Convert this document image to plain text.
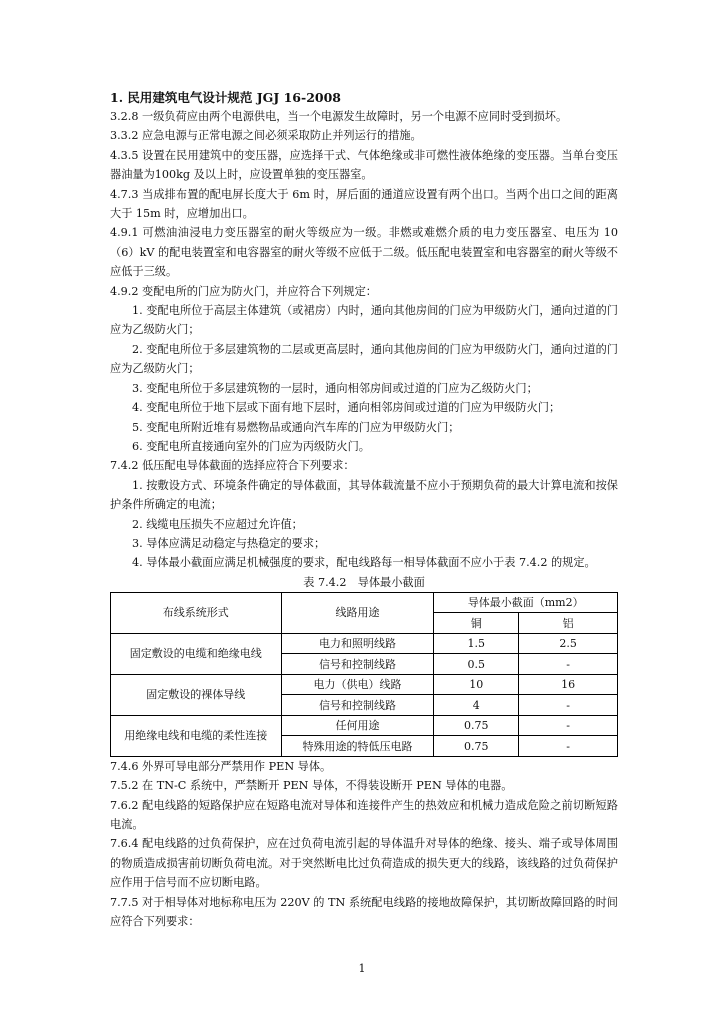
1. 民用建筑电气设计规范 JGJ 16-2008

3.2.8 一级负荷应由两个电源供电，当一个电源发生故障时，另一个电源不应同时受到损坏。

3.3.2 应急电源与正常电源之间必须采取防止并列运行的措施。

4.3.5 设置在民用建筑中的变压器，应选择干式、气体绝缘或非可燃性液体绝缘的变压器。当单台变压器油量为100kg 及以上时，应设置单独的变压器室。

4.7.3 当成排布置的配电屏长度大于 6m 时，屏后面的通道应设置有两个出口。当两个出口之间的距离大于 15m 时，应增加出口。

4.9.1 可燃油油浸电力变压器室的耐火等级应为一级。非燃或难燃介质的电力变压器室、电压为 10（6）kV 的配电装置室和电容器室的耐火等级不应低于二级。低压配电装置室和电容器室的耐火等级不应低于三级。

4.9.2 变配电所的门应为防火门，并应符合下列规定：

1. 变配电所位于高层主体建筑（或裙房）内时，通向其他房间的门应为甲级防火门，通向过道的门应为乙级防火门；

2. 变配电所位于多层建筑物的二层或更高层时，通向其他房间的门应为甲级防火门，通向过道的门应为乙级防火门；

3. 变配电所位于多层建筑物的一层时，通向相邻房间或过道的门应为乙级防火门；

4. 变配电所位于地下层或下面有地下层时，通向相邻房间或过道的门应为甲级防火门；

5. 变配电所附近堆有易燃物品或通向汽车库的门应为甲级防火门；

6. 变配电所直接通向室外的门应为丙级防火门。

7.4.2 低压配电导体截面的选择应符合下列要求：

1. 按敷设方式、环境条件确定的导体截面，其导体载流量不应小于预期负荷的最大计算电流和按保护条件所确定的电流；

2. 线缆电压损失不应超过允许值；

3. 导体应满足动稳定与热稳定的要求；

4. 导体最小截面应满足机械强度的要求，配电线路每一相导体截面不应小于表 7.4.2 的规定。

表 7.4.2　导体最小截面

布线系统形式	线路用途	导体最小截面（mm2）	
		铜	铝
固定敷设的电缆和绝缘电线	电力和照明线路	1.5	2.5
	信号和控制线路	0.5	-
固定敷设的裸体导线	电力（供电）线路	10	16
	信号和控制线路	4	-
用绝缘电线和电缆的柔性连接	任何用途	0.75	-
	特殊用途的特低压电路	0.75	-

7.4.6 外界可导电部分严禁用作 PEN 导体。

7.5.2 在 TN-C 系统中，严禁断开 PEN 导体，不得装设断开 PEN 导体的电器。

7.6.2 配电线路的短路保护应在短路电流对导体和连接件产生的热效应和机械力造成危险之前切断短路电流。

7.6.4 配电线路的过负荷保护，应在过负荷电流引起的导体温升对导体的绝缘、接头、端子或导体周围的物质造成损害前切断负荷电流。对于突然断电比过负荷造成的损失更大的线路，该线路的过负荷保护应作用于信号而不应切断电路。

7.7.5 对于相导体对地标称电压为 220V 的 TN 系统配电线路的接地故障保护，其切断故障回路的时间应符合下列要求：

1
